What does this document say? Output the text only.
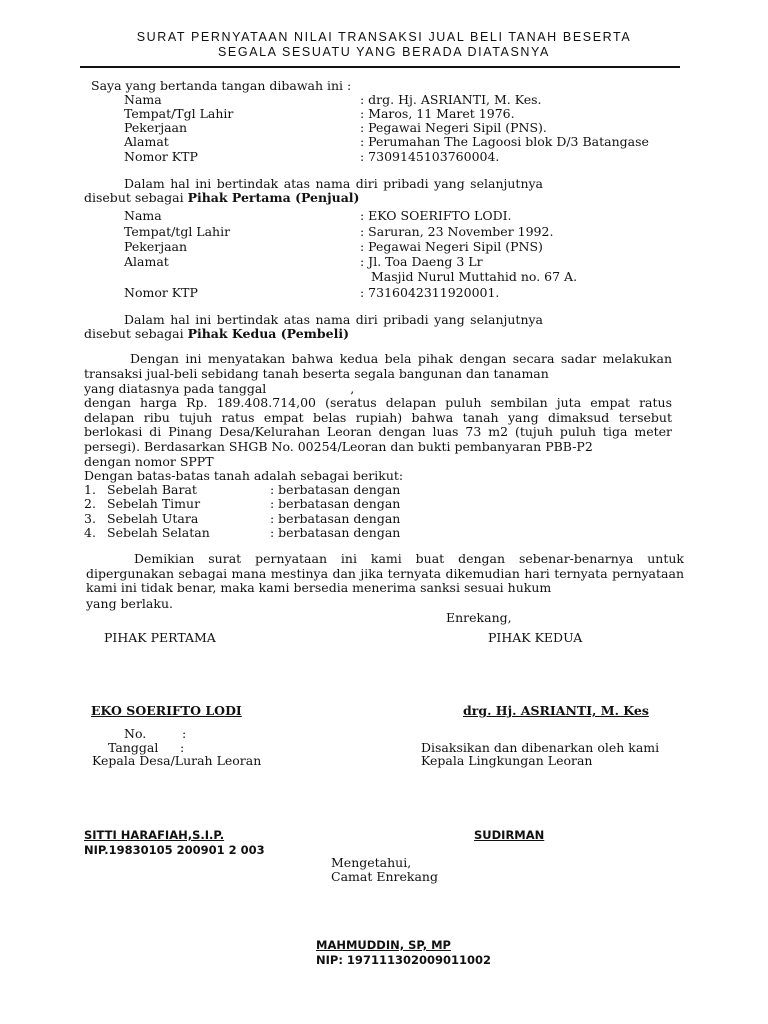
SURAT PERNYATAAN NILAI TRANSAKSI JUAL BELI TANAH BESERTA
SEGALA SESUATU YANG BERADA DIATASNYA
Saya yang bertanda tangan dibawah ini :
Nama	: drg. Hj. ASRIANTI, M. Kes.
Tempat/Tgl Lahir	: Maros, 11 Maret 1976.
Pekerjaan	: Pegawai Negeri Sipil (PNS).
Alamat	: Perumahan The Lagoosi blok D/3 Batangase
Nomor KTP	: 7309145103760004.
Dalam hal ini bertindak atas nama diri pribadi yang selanjutnya
disebut sebagai Pihak Pertama (Penjual)
Nama	: EKO SOERIFTO LODI.
Tempat/tgl Lahir	: Saruran, 23 November 1992.
Pekerjaan	: Pegawai Negeri Sipil (PNS)
Alamat	: Jl. Toa Daeng 3 Lr
Masjid Nurul Muttahid no. 67 A.
Nomor KTP	: 7316042311920001.
Dalam hal ini bertindak atas nama diri pribadi yang selanjutnya
disebut sebagai Pihak Kedua (Pembeli)
Dengan ini menyatakan bahwa kedua bela pihak dengan secara sadar melakukan transaksi jual-beli sebidang tanah beserta segala bangunan dan tanaman
yang diatasnya pada tanggal	,
dengan harga Rp. 189.408.714,00 (seratus delapan puluh sembilan juta empat ratus delapan ribu tujuh ratus empat belas rupiah) bahwa tanah yang dimaksud tersebut berlokasi di Pinang Desa/Kelurahan Leoran dengan luas 73 m2 (tujuh puluh tiga meter persegi). Berdasarkan SHGB No. 00254/Leoran dan bukti pembanyaran PBB-P2
dengan nomor SPPT
Dengan batas-batas tanah adalah sebagai berikut:
1. Sebelah Barat	: berbatasan dengan
2. Sebelah Timur	: berbatasan dengan
3. Sebelah Utara	: berbatasan dengan
4. Sebelah Selatan	: berbatasan dengan
Demikian surat pernyataan ini kami buat dengan sebenar-benarnya untuk dipergunakan sebagai mana mestinya dan jika ternyata dikemudian hari ternyata pernyataan kami ini tidak benar, maka kami bersedia menerima sanksi sesuai hukum
yang berlaku.
Enrekang,
PIHAK PERTAMA	PIHAK KEDUA
EKO SOERIFTO LODI	drg. Hj. ASRIANTI, M. Kes
No.	:
Tanggal :
Kepala Desa/Lurah Leoran
Disaksikan dan dibenarkan oleh kami
Kepala Lingkungan Leoran
SITTI HARAFIAH,S.I.P.
NIP.19830105 200901 2 003
SUDIRMAN
Mengetahui,
Camat Enrekang
MAHMUDDIN, SP, MP
NIP: 197111302009011002
